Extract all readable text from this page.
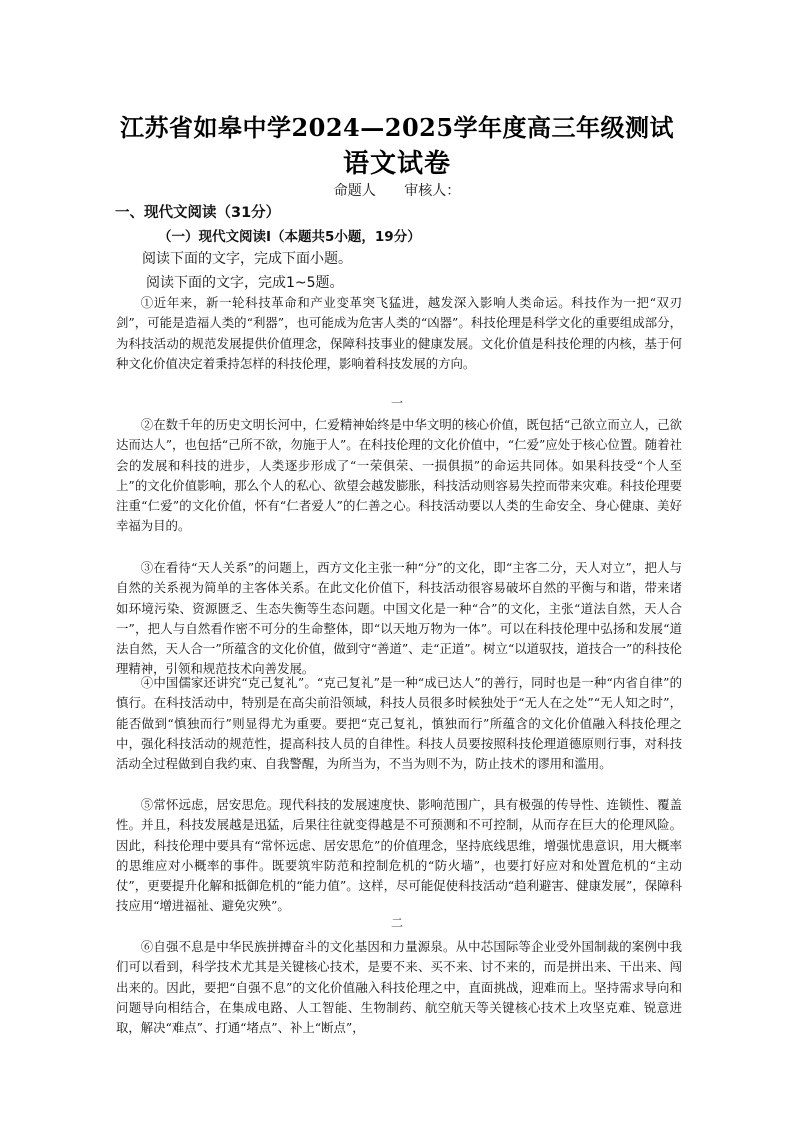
江苏省如皋中学2024—2025学年度高三年级测试
语文试卷
命题人 审核人：
一、现代文阅读（31分）
（一）现代文阅读Ⅰ（本题共5小题，19分）
阅读下面的文字，完成下面小题。
阅读下面的文字，完成1~5题。

①近年来，新一轮科技革命和产业变革突飞猛进，越发深入影响人类命运。科技作为一把“双刃剑”，可能是造福人类的“利器”，也可能成为危害人类的“凶器”。科技伦理是科学文化的重要组成部分，为科技活动的规范发展提供价值理念，保障科技事业的健康发展。文化价值是科技伦理的内核，基于何种文化价值决定着秉持怎样的科技伦理，影响着科技发展的方向。

一

②在数千年的历史文明长河中，仁爱精神始终是中华文明的核心价值，既包括“己欲立而立人，己欲达而达人”，也包括“己所不欲，勿施于人”。在科技伦理的文化价值中，“仁爱”应处于核心位置。随着社会的发展和科技的进步，人类逐步形成了“一荣俱荣、一损俱损”的命运共同体。如果科技受“个人至上”的文化价值影响，那么个人的私心、欲望会越发膨胀，科技活动则容易失控而带来灾难。科技伦理要注重“仁爱”的文化价值，怀有“仁者爱人”的仁善之心。科技活动要以人类的生命安全、身心健康、美好幸福为目的。

③在看待“天人关系”的问题上，西方文化主张一种“分”的文化，即“主客二分，天人对立”，把人与自然的关系视为简单的主客体关系。在此文化价值下，科技活动很容易破坏自然的平衡与和谐，带来诸如环境污染、资源匮乏、生态失衡等生态问题。中国文化是一种“合”的文化，主张“道法自然，天人合一”，把人与自然看作密不可分的生命整体，即“以天地万物为一体”。可以在科技伦理中弘扬和发展“道法自然，天人合一”所蕴含的文化价值，做到守“善道”、走“正道”。树立“以道驭技，道技合一”的科技伦理精神，引领和规范技术向善发展。

④中国儒家还讲究“克己复礼”。“克己复礼”是一种“成已达人”的善行，同时也是一种“内省自律”的慎行。在科技活动中，特别是在高尖前沿领域，科技人员很多时候独处于“无人在之处”“无人知之时”，能否做到“慎独而行”则显得尤为重要。要把“克己复礼，慎独而行”所蕴含的文化价值融入科技伦理之中，强化科技活动的规范性，提高科技人员的自律性。科技人员要按照科技伦理道德原则行事，对科技活动全过程做到自我约束、自我警醒，为所当为，不当为则不为，防止技术的谬用和滥用。

⑤常怀远虑，居安思危。现代科技的发展速度快、影响范围广，具有极强的传导性、连锁性、覆盖性。并且，科技发展越是迅猛，后果往往就变得越是不可预测和不可控制，从而存在巨大的伦理风险。因此，科技伦理中要具有“常怀远虑、居安思危”的价值理念，坚持底线思维，增强忧患意识，用大概率的思维应对小概率的事件。既要筑牢防范和控制危机的“防火墙”，也要打好应对和处置危机的“主动仗”，更要提升化解和抵御危机的“能力值”。这样，尽可能促使科技活动“趋利避害、健康发展”，保障科技应用“增进福祉、避免灾殃”。

二

⑥自强不息是中华民族拼搏奋斗的文化基因和力量源泉。从中芯国际等企业受外国制裁的案例中我们可以看到，科学技术尤其是关键核心技术，是要不来、买不来、讨不来的，而是拼出来、干出来、闯出来的。因此，要把“自强不息”的文化价值融入科技伦理之中，直面挑战，迎难而上。坚持需求导向和问题导向相结合，在集成电路、人工智能、生物制药、航空航天等关键核心技术上攻坚克难、锐意进取，解决“难点”、打通“堵点”、补上“断点”，
